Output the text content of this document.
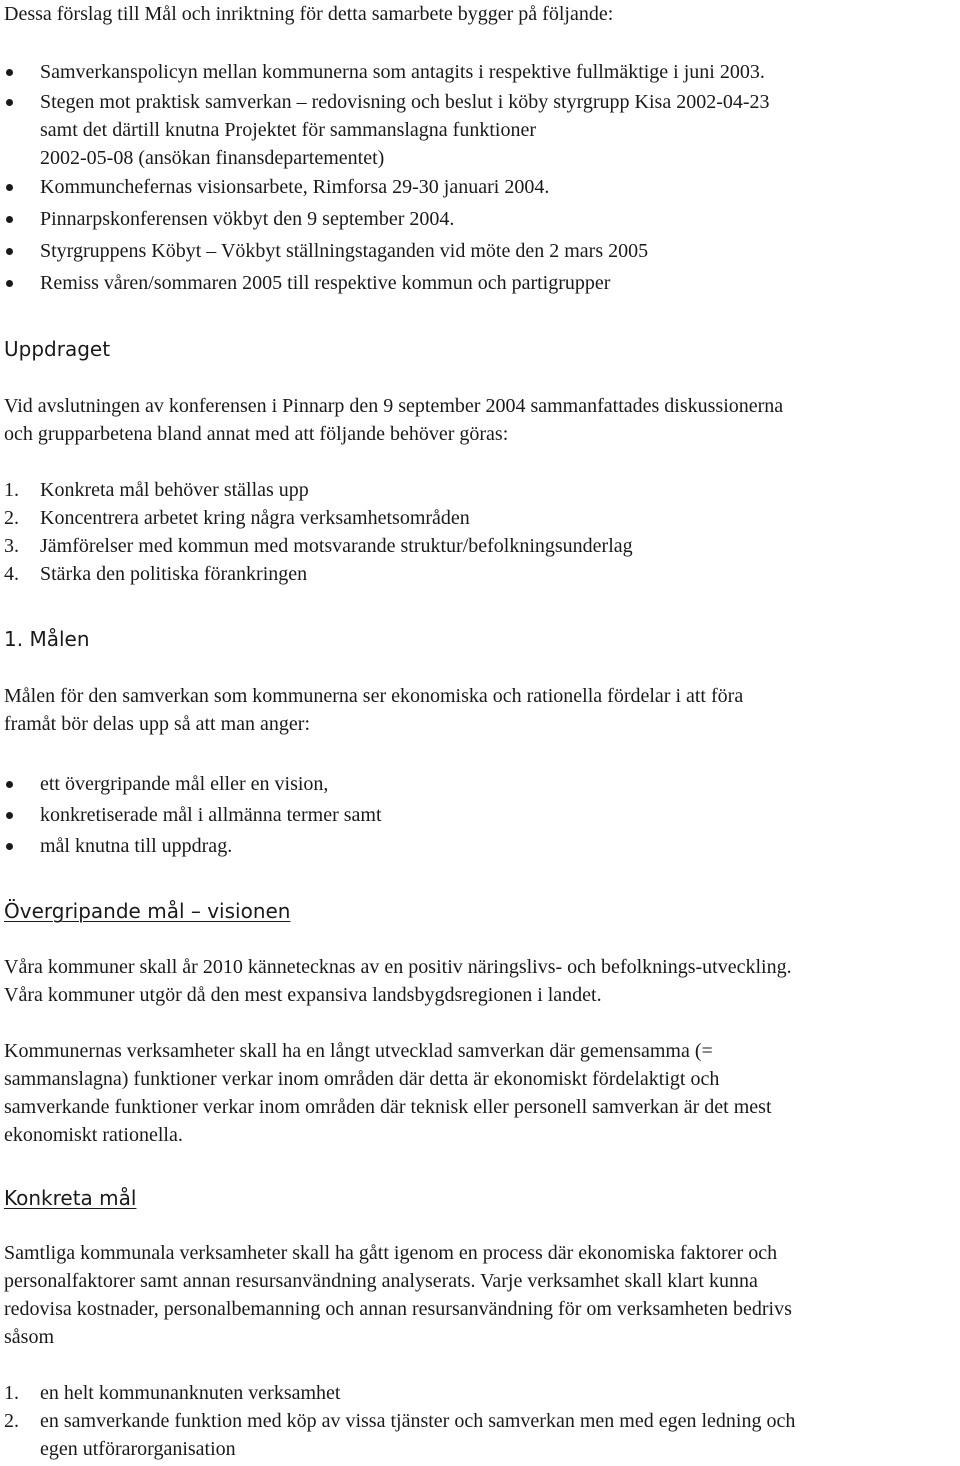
Dessa förslag till Mål och inriktning för detta samarbete bygger på följande:

Samverkanspolicyn mellan kommunerna som antagits i respektive fullmäktige i juni 2003.
Stegen mot praktisk samverkan – redovisning och beslut i köby styrgrupp Kisa 2002-04-23
samt det därtill knutna Projektet för sammanslagna funktioner
2002-05-08 (ansökan finansdepartementet)
Kommunchefernas visionsarbete, Rimforsa 29-30 januari 2004.
Pinnarpskonferensen vökbyt den 9 september 2004.
Styrgruppens Köbyt – Vökbyt ställningstaganden vid möte den 2 mars 2005
Remiss våren/sommaren 2005 till respektive kommun och partigrupper
Uppdraget

Vid avslutningen av konferensen i Pinnarp den 9 september 2004 sammanfattades diskussionerna

och grupparbetena bland annat med att följande behöver göras:

1. Konkreta mål behöver ställas upp
2. Koncentrera arbetet kring några verksamhetsområden
3. Jämförelser med kommun med motsvarande struktur/befolkningsunderlag
4. Stärka den politiska förankringen
1. Målen

Målen för den samverkan som kommunerna ser ekonomiska och rationella fördelar i att föra

framåt bör delas upp så att man anger:

ett övergripande mål eller en vision,
konkretiserade mål i allmänna termer samt
mål knutna till uppdrag.
Övergripande mål – visionen

Våra kommuner skall år 2010 kännetecknas av en positiv näringslivs- och befolknings-utveckling.

Våra kommuner utgör då den mest expansiva landsbygdsregionen i landet.

Kommunernas verksamheter skall ha en långt utvecklad samverkan där gemensamma (=

sammanslagna) funktioner verkar inom områden där detta är ekonomiskt fördelaktigt och

samverkande funktioner verkar inom områden där teknisk eller personell samverkan är det mest

ekonomiskt rationella.

Konkreta mål

Samtliga kommunala verksamheter skall ha gått igenom en process där ekonomiska faktorer och

personalfaktorer samt annan resursanvändning analyserats. Varje verksamhet skall klart kunna

redovisa kostnader, personalbemanning och annan resursanvändning för om verksamheten bedrivs

såsom

1. en helt kommunanknuten verksamhet
2. en samverkande funktion med köp av vissa tjänster och samverkan men med egen ledning och
egen utförarorganisation
